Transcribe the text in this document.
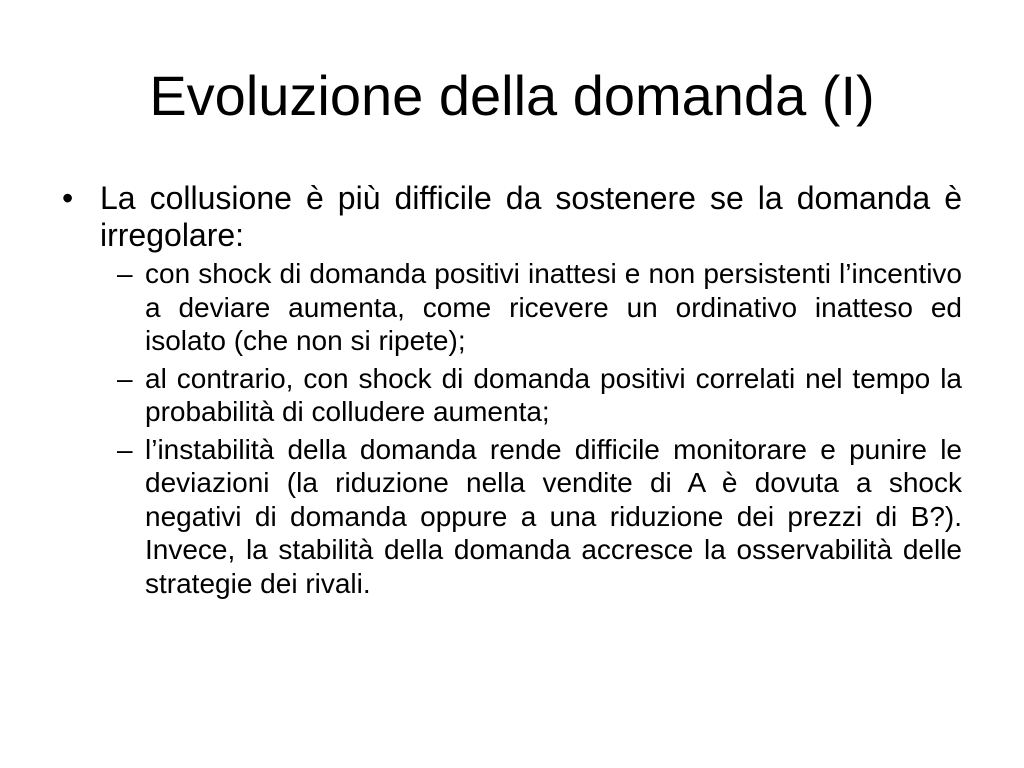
Evoluzione della domanda (I)
• La collusione è più difficile da sostenere se la domanda è irregolare:
– con shock di domanda positivi inattesi e non persistenti l’incentivo a deviare aumenta, come ricevere un ordinativo inatteso ed isolato (che non si ripete);
– al contrario, con shock di domanda positivi correlati nel tempo la probabilità di colludere aumenta;
– l’instabilità della domanda rende difficile monitorare e punire le deviazioni (la riduzione nella vendite di A è dovuta a shock negativi di domanda oppure a una riduzione dei prezzi di B?). Invece, la stabilità della domanda accresce la osservabilità delle strategie dei rivali.
